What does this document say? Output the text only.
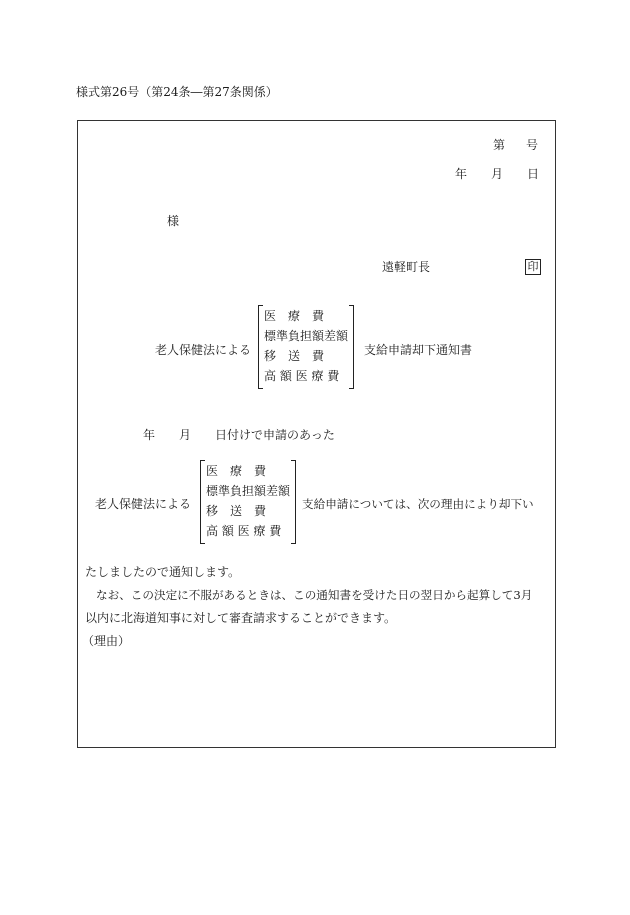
様式第26号（第24条―第27条関係）
第 号
年 月 日
様
遠軽町長	印
老人保健法による
医　療　費
標準負担額差額
移　送　費
高 額 医 療 費
支給申請却下通知書
年 月 日付けで申請のあった
老人保健法による
医　療　費
標準負担額差額
移　送　費
高 額 医 療 費
支給申請については、次の理由により却下い
たしましたので通知します。
なお、この決定に不服があるときは、この通知書を受けた日の翌日から起算して3月
以内に北海道知事に対して審査請求することができます。
（理由）
